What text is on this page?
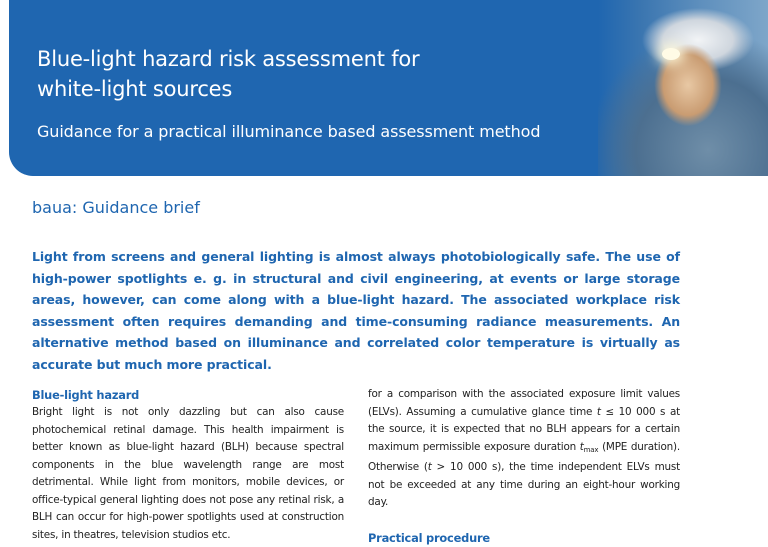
Blue-light hazard risk assessment for
white-light sources
Guidance for a practical illuminance based assessment method
baua: Guidance brief

Light from screens and general lighting is almost always photobiologically safe. The use of high-power spotlights e. g. in structural and civil engineering, at events or large storage areas, however, can come along with a blue-light hazard. The associated workplace risk assessment often requires demanding and time-consuming radiance measurements. An alternative method based on illuminance and correlated color temperature is virtually as accurate but much more practical.

Blue-light hazard

Bright light is not only dazzling but can also cause photochemical retinal damage. This health impairment is better known as blue-light hazard (BLH) because spectral components in the blue wavelength range are most detrimental. While light from monitors, mobile devices, or office-typical general lighting does not pose any retinal risk, a BLH can occur for high-power spotlights used at construction sites, in theatres, television studios etc.

for a comparison with the associated exposure limit values (ELVs). Assuming a cumulative glance time t ≤ 10 000 s at the source, it is expected that no BLH appears for a certain maximum permissible exposure duration $t_{max}$ (MPE duration). Otherwise (t > 10 000 s), the time independent ELVs must not be exceeded at any time during an eight-hour working day.

Practical procedure
